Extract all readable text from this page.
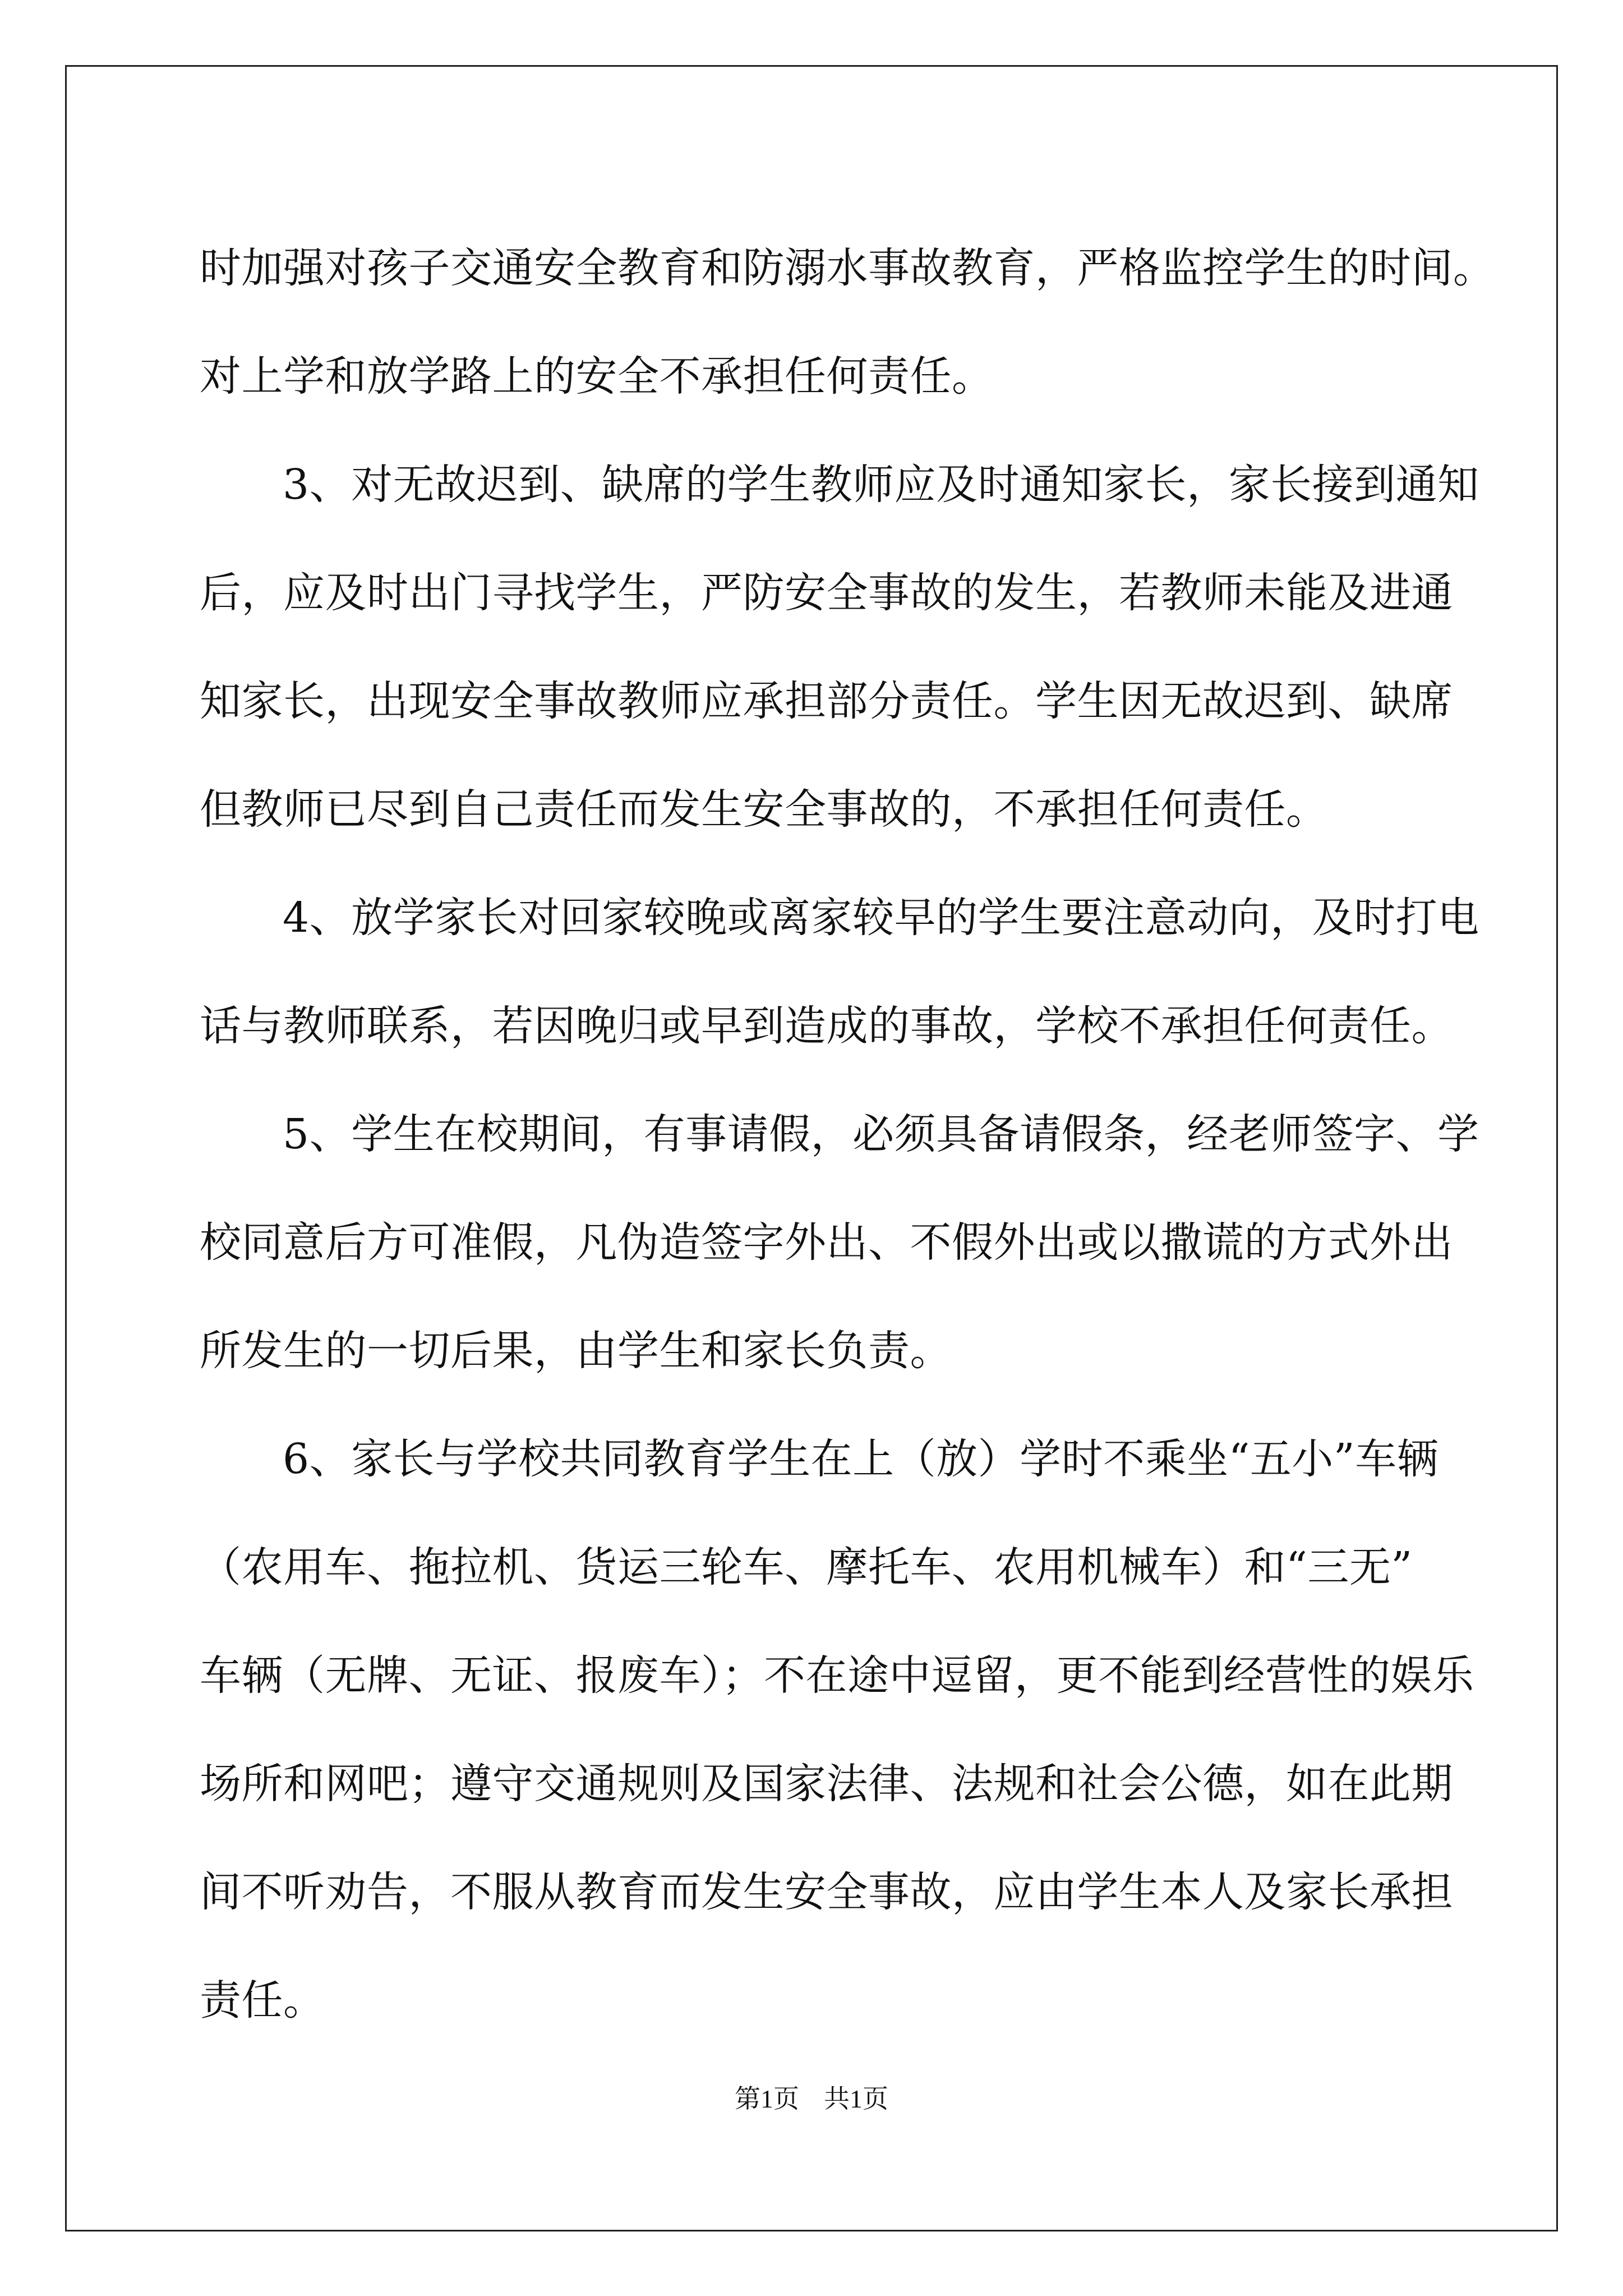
时加强对孩子交通安全教育和防溺水事故教育，严格监控学生的时间。
对上学和放学路上的安全不承担任何责任。
3、对无故迟到、缺席的学生教师应及时通知家长，家长接到通知
后，应及时出门寻找学生，严防安全事故的发生，若教师未能及进通
知家长，出现安全事故教师应承担部分责任。学生因无故迟到、缺席
但教师已尽到自己责任而发生安全事故的，不承担任何责任。
4、放学家长对回家较晚或离家较早的学生要注意动向，及时打电
话与教师联系，若因晚归或早到造成的事故，学校不承担任何责任。
5、学生在校期间，有事请假，必须具备请假条，经老师签字、学
校同意后方可准假，凡伪造签字外出、不假外出或以撒谎的方式外出
所发生的一切后果，由学生和家长负责。
6、家长与学校共同教育学生在上（放）学时不乘坐“五小”车辆
（农用车、拖拉机、货运三轮车、摩托车、农用机械车）和“三无”
车辆（无牌、无证、报废车）；不在途中逗留，更不能到经营性的娱乐
场所和网吧；遵守交通规则及国家法律、法规和社会公德，如在此期
间不听劝告，不服从教育而发生安全事故，应由学生本人及家长承担
责任。
第1页 共1页
